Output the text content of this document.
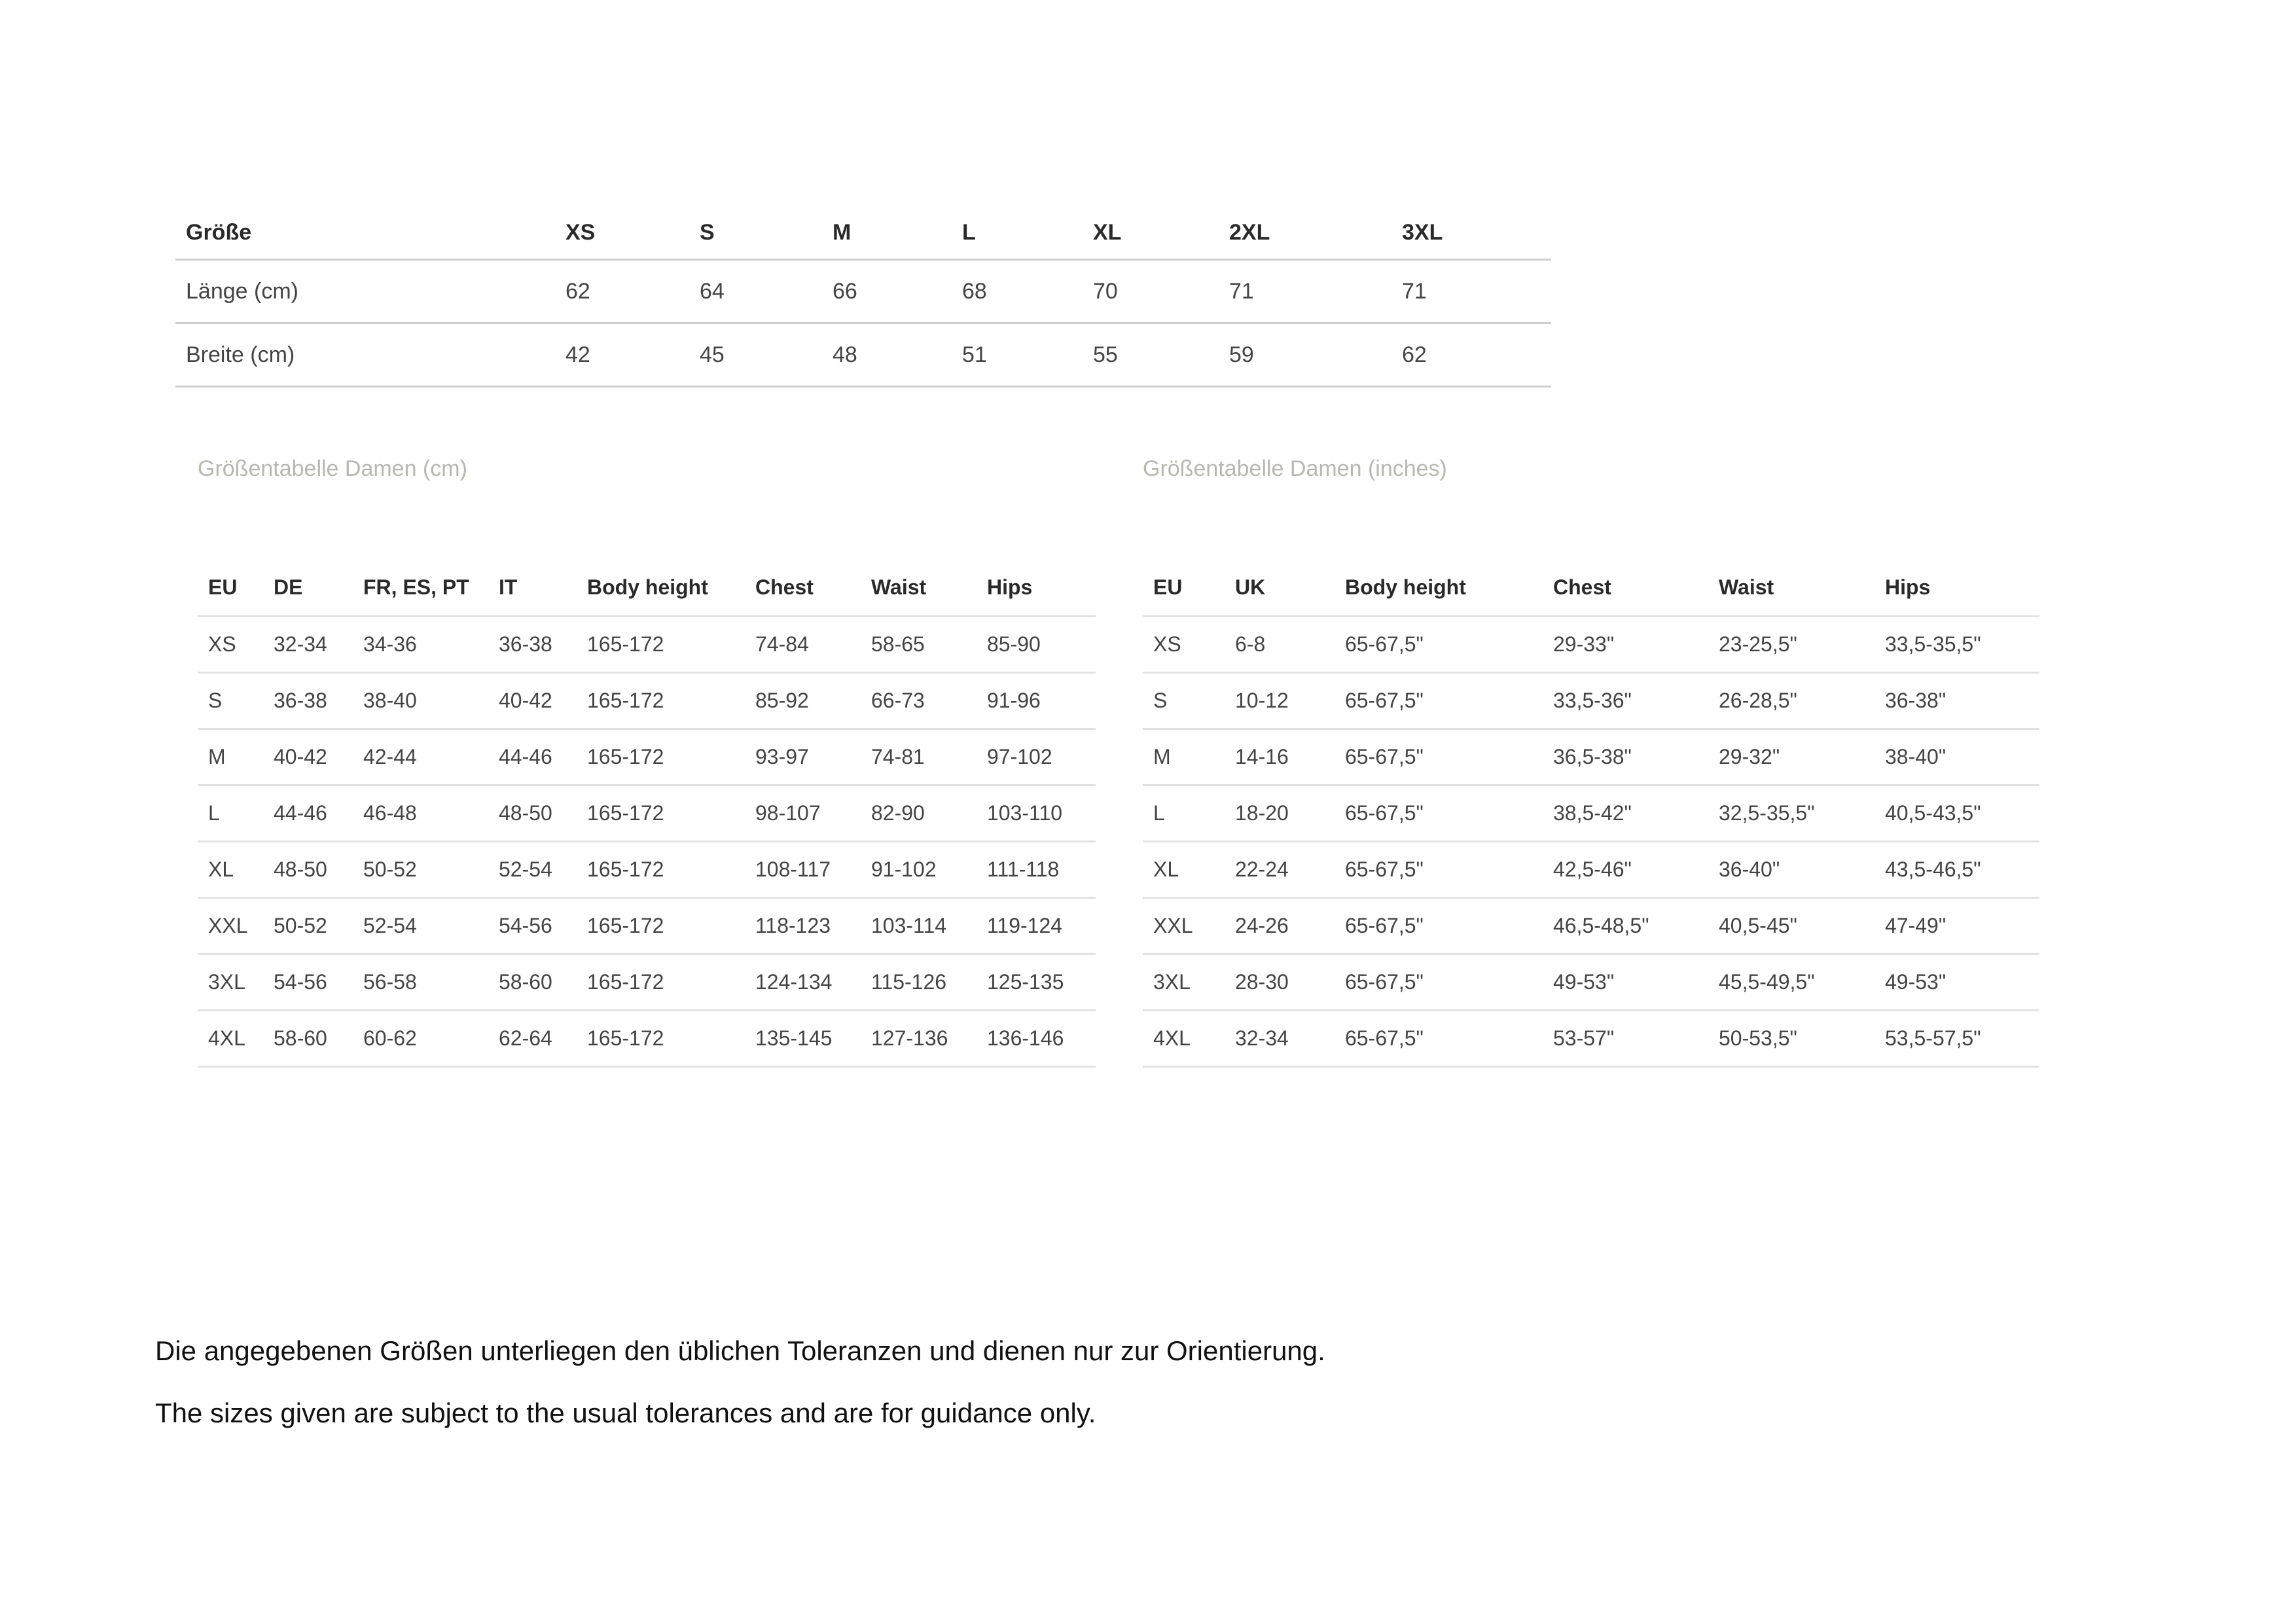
Größe	XS	S	M	L	XL	2XL	3XL
Länge (cm)	62	64	66	68	70	71	71
Breite (cm)	42	45	48	51	55	59	62
Größentabelle Damen (cm)	Größentabelle Damen (inches)
EU	DE	FR, ES, PT	IT	Body height	Chest	Waist	Hips
XS	32-34	34-36	36-38	165-172	74-84	58-65	85-90
S	36-38	38-40	40-42	165-172	85-92	66-73	91-96
M	40-42	42-44	44-46	165-172	93-97	74-81	97-102
L	44-46	46-48	48-50	165-172	98-107	82-90	103-110
XL	48-50	50-52	52-54	165-172	108-117	91-102	111-118
XXL	50-52	52-54	54-56	165-172	118-123	103-114	119-124
3XL	54-56	56-58	58-60	165-172	124-134	115-126	125-135
4XL	58-60	60-62	62-64	165-172	135-145	127-136	136-146
EU	UK	Body height	Chest	Waist	Hips
XS	6-8	65-67,5"	29-33"	23-25,5"	33,5-35,5"
S	10-12	65-67,5"	33,5-36"	26-28,5"	36-38"
M	14-16	65-67,5"	36,5-38"	29-32"	38-40"
L	18-20	65-67,5"	38,5-42"	32,5-35,5"	40,5-43,5"
XL	22-24	65-67,5"	42,5-46"	36-40"	43,5-46,5"
XXL	24-26	65-67,5"	46,5-48,5"	40,5-45"	47-49"
3XL	28-30	65-67,5"	49-53"	45,5-49,5"	49-53"
4XL	32-34	65-67,5"	53-57"	50-53,5"	53,5-57,5"

Die angegebenen Größen unterliegen den üblichen Toleranzen und dienen nur zur Orientierung.

The sizes given are subject to the usual tolerances and are for guidance only.
